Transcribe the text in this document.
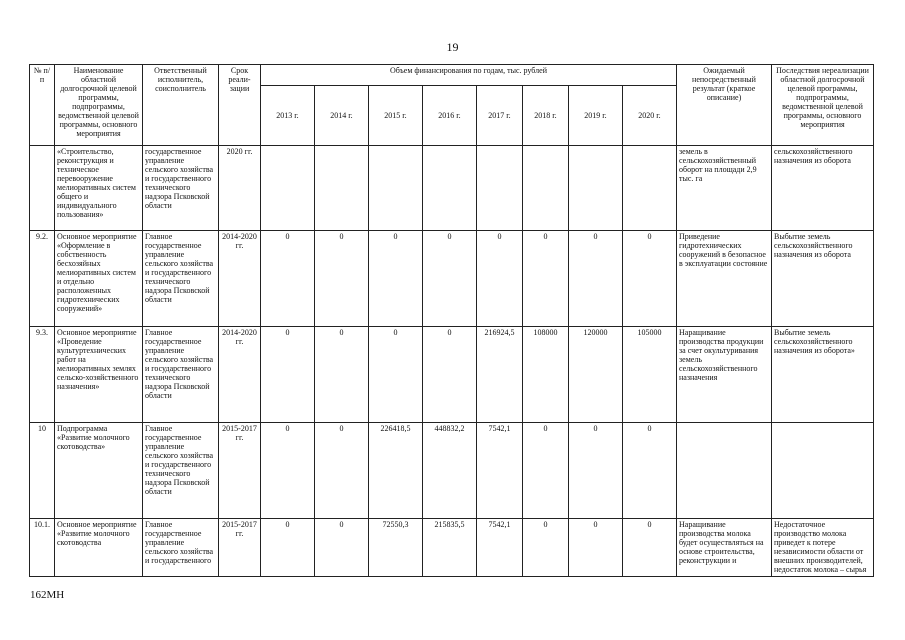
19
№ п/п	Наименование областной долгосрочной целевой программы, подпрограммы, ведомственной целевой программы, основного мероприятия	Ответственный исполнитель, соисполнитель	Срок реали-зации	Объем финансирования по годам, тыс. рублей								Ожидаемый непосредственный результат (краткое описание)	Последствия нереализации областной долгосрочной целевой программы, подпрограммы, ведомственной целевой программы, основного мероприятия
				2013 г.	2014 г.	2015 г.	2016 г.	2017 г.	2018 г.	2019 г.	2020 г.		
	«Строительство, реконструкция и техническое перевооружение мелиоративных систем общего и индивидуального пользования»	государственное управление сельского хозяйства и государственного технического надзора Псковской области	2020 гг.									земель в сельскохозяйственный оборот на площади 2,9 тыс. га	сельскохозяйственного назначения из оборота
9.2.	Основное мероприятие «Оформление в собственность бесхозяйных мелиоративных систем и отдельно расположенных гидротехнических сооружений»	Главное государственное управление сельского хозяйства и государственного технического надзора Псковской области	2014-2020 гг.	0	0	0	0	0	0	0	0	Приведение гидротехнических сооружений в безопасное в эксплуатации состояние	Выбытие земель сельскохозяйственного назначения из оборота
9.3.	Основное мероприятие «Проведение культуртехнических работ на мелиоративных землях сельско-хозяйственного назначения»	Главное государственное управление сельского хозяйства и государственного технического надзора Псковской области	2014-2020 гг.	0	0	0	0	216924,5	108000	120000	105000	Наращивание производства продукции за счет окультуривания земель сельскохозяйственного назначения	Выбытие земель сельскохозяйственного назначения из оборота»
10	Подпрограмма «Развитие молочного скотоводства»	Главное государственное управление сельского хозяйства и государственного технического надзора Псковской области	2015-2017 гг.	0	0	226418,5	448832,2	7542,1	0	0	0		
10.1.	Основное мероприятие «Развитие молочного скотоводства	Главное государственное управление сельского хозяйства и государственного	2015-2017 гг.	0	0	72550,3	215835,5	7542,1	0	0	0	Наращивание производства молока будет осуществляться на основе строительства, реконструкции и	Недостаточное производство молока приведет к потере независимости области от внешних производителей, недостаток молока – сырья
162МН
